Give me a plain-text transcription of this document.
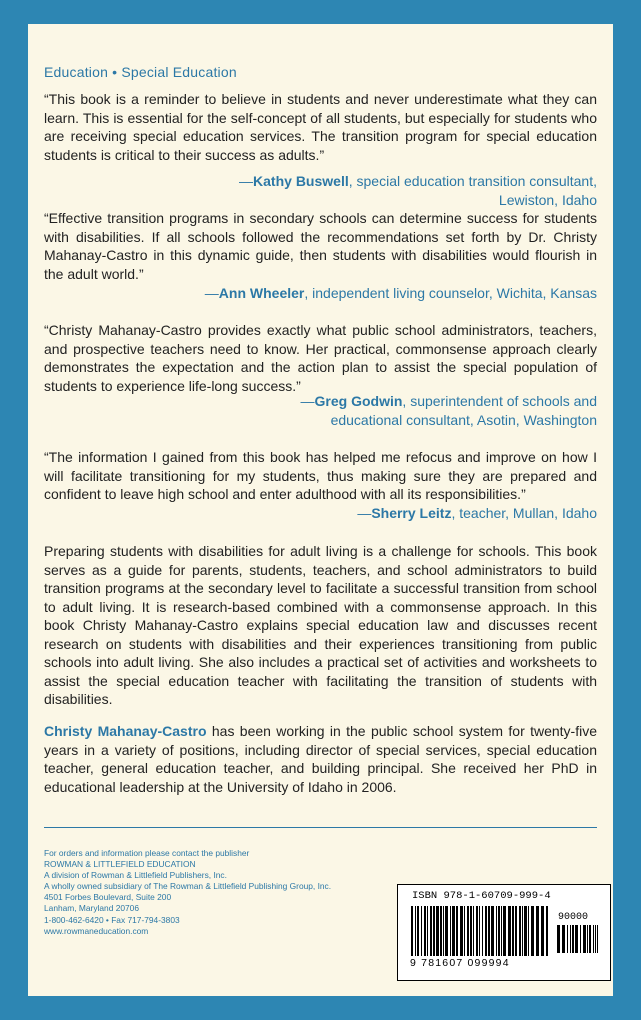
Education • Special Education
“This book is a reminder to believe in students and never underestimate what they can learn. This is essential for the self-concept of all students, but especially for students who are receiving special education services. The transition program for special education students is critical to their success as adults.”
—Kathy Buswell, special education transition consultant, Lewiston, Idaho
“Effective transition programs in secondary schools can determine success for students with disabilities. If all schools followed the recommendations set forth by Dr. Christy Mahanay-Castro in this dynamic guide, then students with disabilities would flourish in the adult world.”
—Ann Wheeler, independent living counselor, Wichita, Kansas
“Christy Mahanay-Castro provides exactly what public school administrators, teachers, and prospective teachers need to know. Her practical, commonsense approach clearly demonstrates the expectation and the action plan to assist the special population of students to experience life-long success.”
—Greg Godwin, superintendent of schools and educational consultant, Asotin, Washington
“The information I gained from this book has helped me refocus and improve on how I will facilitate transitioning for my students, thus making sure they are prepared and confident to leave high school and enter adulthood with all its responsibilities.”
—Sherry Leitz, teacher, Mullan, Idaho
Preparing students with disabilities for adult living is a challenge for schools. This book serves as a guide for parents, students, teachers, and school administrators to build transition programs at the secondary level to facilitate a successful transition from school to adult living. It is research-based combined with a commonsense approach. In this book Christy Mahanay-Castro explains special education law and discusses recent research on students with disabilities and their experiences transitioning from public schools into adult living. She also includes a practical set of activities and worksheets to assist the special education teacher with facilitating the transition of students with disabilities.
Christy Mahanay-Castro has been working in the public school system for twenty-five years in a variety of positions, including director of special services, special education teacher, general education teacher, and building principal. She received her PhD in educational leadership at the University of Idaho in 2006.
For orders and information please contact the publisher
ROWMAN & LITTLEFIELD EDUCATION
A division of Rowman & Littlefield Publishers, Inc.
A wholly owned subsidiary of The Rowman & Littlefield Publishing Group, Inc.
4501 Forbes Boulevard, Suite 200
Lanham, Maryland 20706
1-800-462-6420 • Fax 717-794-3803
www.rowmaneducation.com
ISBN 978-1-60709-999-4
90000
9 781607 099994
